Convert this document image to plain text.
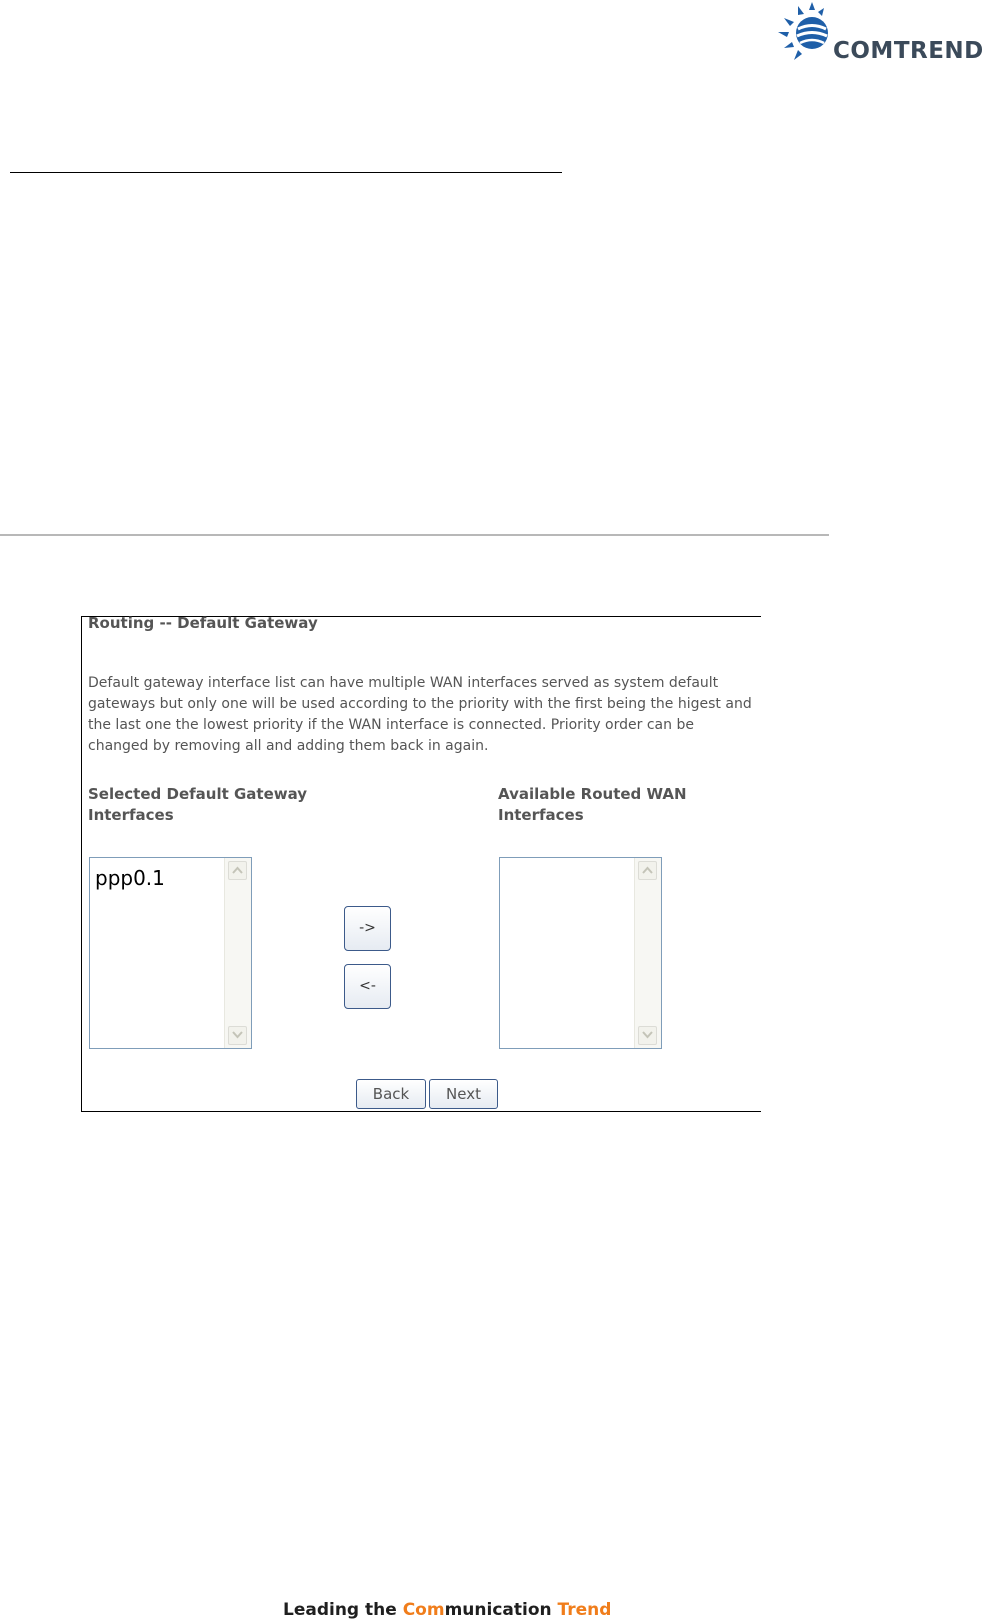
COMTREND
Routing -- Default Gateway

Default gateway interface list can have multiple WAN interfaces served as system default gateways but only one will be used according to the priority with the first being the higest and the last one the lowest priority if the WAN interface is connected. Priority order can be changed by removing all and adding them back in again.

Selected Default Gateway
Interfaces
Available Routed WAN
Interfaces
ppp0.1
->
<-
Back	Next
Leading the Communication Trend
